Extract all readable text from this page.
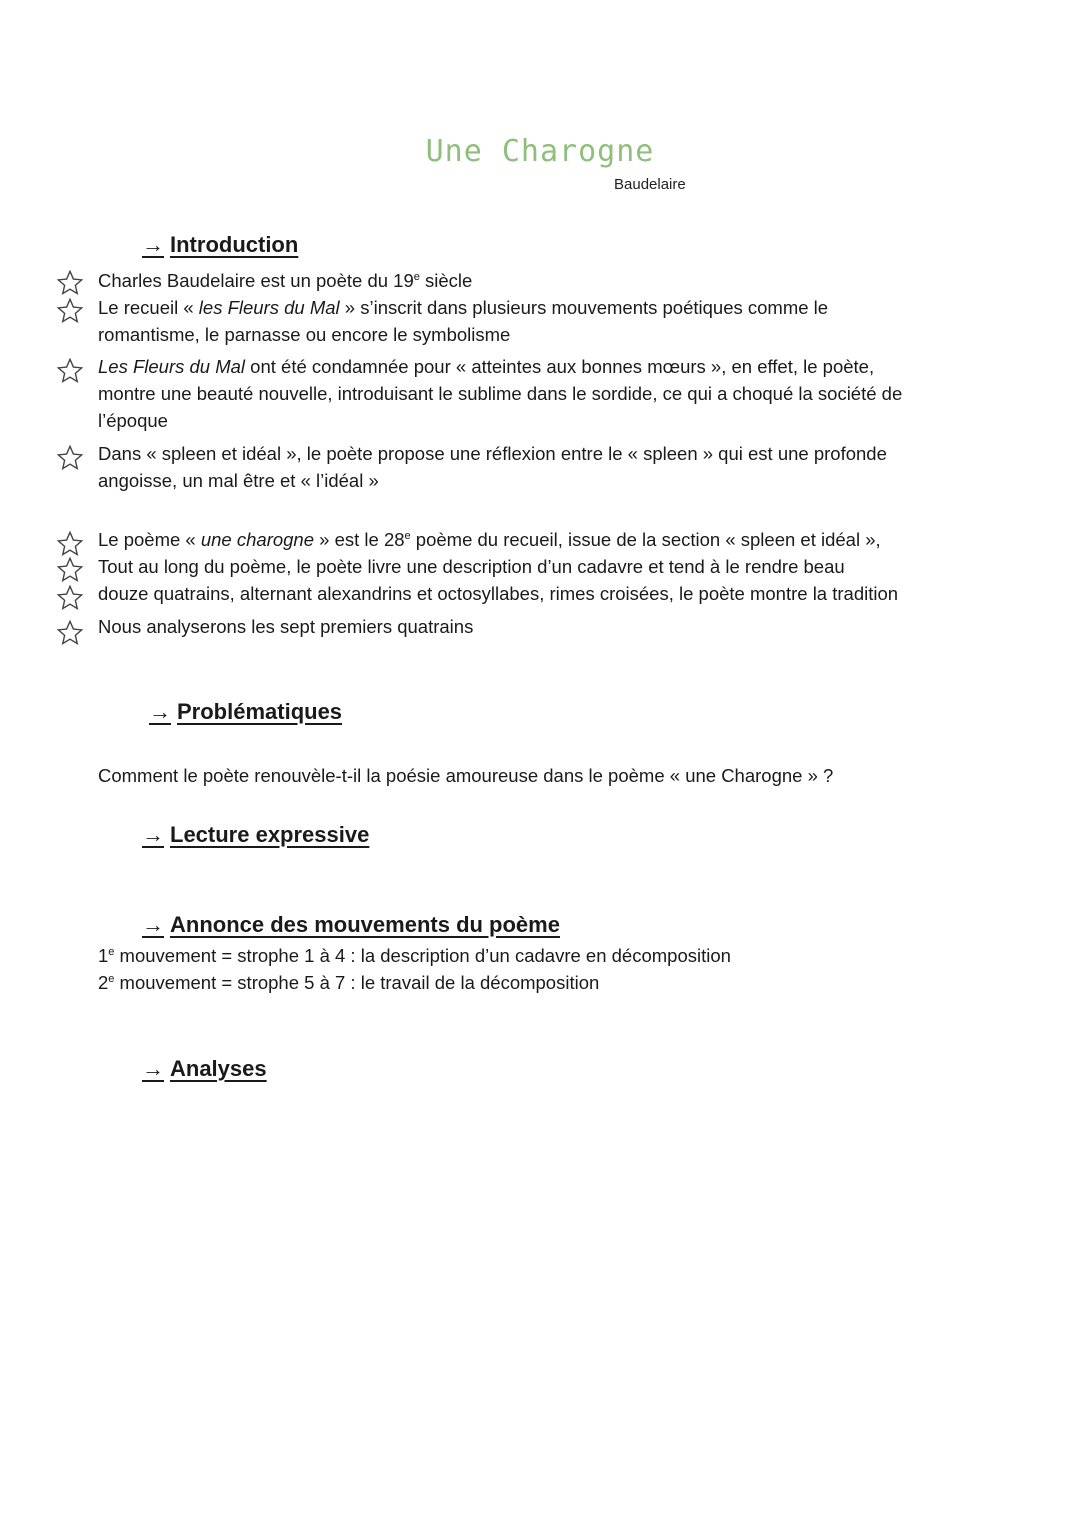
Une Charogne
Baudelaire
→ Introduction
Charles Baudelaire est un poète du 19e siècle
Le recueil « les Fleurs du Mal » s’inscrit dans plusieurs mouvements poétiques comme le
romantisme, le parnasse ou encore le symbolisme
Les Fleurs du Mal ont été condamnée pour « atteintes aux bonnes mœurs », en effet, le poète,
montre une beauté nouvelle, introduisant le sublime dans le sordide, ce qui a choqué la société de
l’époque
Dans « spleen et idéal », le poète propose une réflexion entre le « spleen » qui est une profonde
angoisse, un mal être et « l’idéal »
Le poème « une charogne » est le 28e poème du recueil, issue de la section « spleen et idéal »,
Tout au long du poème, le poète livre une description d’un cadavre et tend à le rendre beau
douze quatrains, alternant alexandrins et octosyllabes, rimes croisées, le poète montre la tradition
Nous analyserons les sept premiers quatrains
→ Problématiques
Comment le poète renouvèle-t-il la poésie amoureuse dans le poème « une Charogne » ?
→ Lecture expressive
→ Annonce des mouvements du poème
1e mouvement = strophe 1 à 4 : la description d’un cadavre en décomposition
2e mouvement = strophe 5 à 7 : le travail de la décomposition
→ Analyses
